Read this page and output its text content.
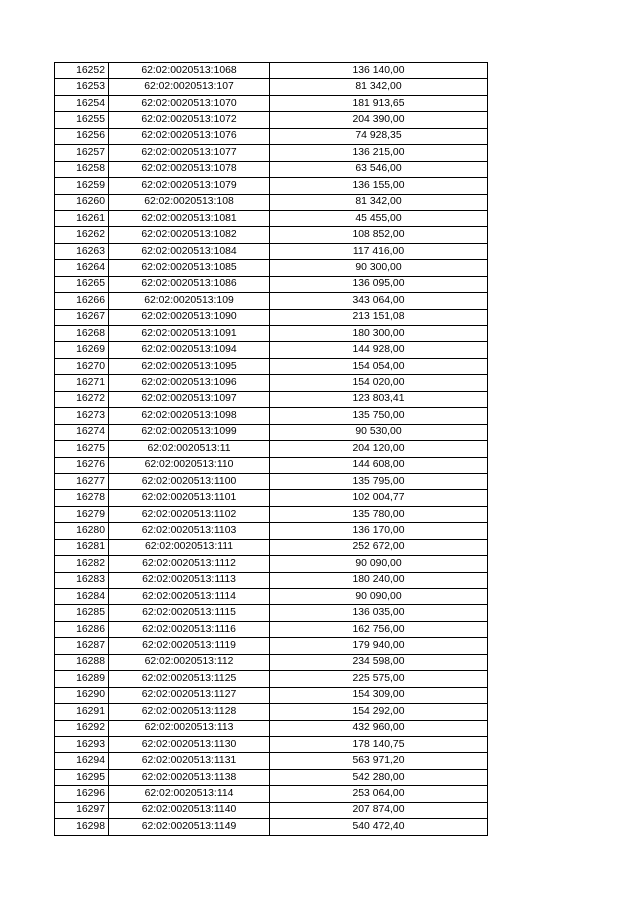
16252	62:02:0020513:1068	136 140,00
16253	62:02:0020513:107	81 342,00
16254	62:02:0020513:1070	181 913,65
16255	62:02:0020513:1072	204 390,00
16256	62:02:0020513:1076	74 928,35
16257	62:02:0020513:1077	136 215,00
16258	62:02:0020513:1078	63 546,00
16259	62:02:0020513:1079	136 155,00
16260	62:02:0020513:108	81 342,00
16261	62:02:0020513:1081	45 455,00
16262	62:02:0020513:1082	108 852,00
16263	62:02:0020513:1084	117 416,00
16264	62:02:0020513:1085	90 300,00
16265	62:02:0020513:1086	136 095,00
16266	62:02:0020513:109	343 064,00
16267	62:02:0020513:1090	213 151,08
16268	62:02:0020513:1091	180 300,00
16269	62:02:0020513:1094	144 928,00
16270	62:02:0020513:1095	154 054,00
16271	62:02:0020513:1096	154 020,00
16272	62:02:0020513:1097	123 803,41
16273	62:02:0020513:1098	135 750,00
16274	62:02:0020513:1099	90 530,00
16275	62:02:0020513:11	204 120,00
16276	62:02:0020513:110	144 608,00
16277	62:02:0020513:1100	135 795,00
16278	62:02:0020513:1101	102 004,77
16279	62:02:0020513:1102	135 780,00
16280	62:02:0020513:1103	136 170,00
16281	62:02:0020513:111	252 672,00
16282	62:02:0020513:1112	90 090,00
16283	62:02:0020513:1113	180 240,00
16284	62:02:0020513:1114	90 090,00
16285	62:02:0020513:1115	136 035,00
16286	62:02:0020513:1116	162 756,00
16287	62:02:0020513:1119	179 940,00
16288	62:02:0020513:112	234 598,00
16289	62:02:0020513:1125	225 575,00
16290	62:02:0020513:1127	154 309,00
16291	62:02:0020513:1128	154 292,00
16292	62:02:0020513:113	432 960,00
16293	62:02:0020513:1130	178 140,75
16294	62:02:0020513:1131	563 971,20
16295	62:02:0020513:1138	542 280,00
16296	62:02:0020513:114	253 064,00
16297	62:02:0020513:1140	207 874,00
16298	62:02:0020513:1149	540 472,40
